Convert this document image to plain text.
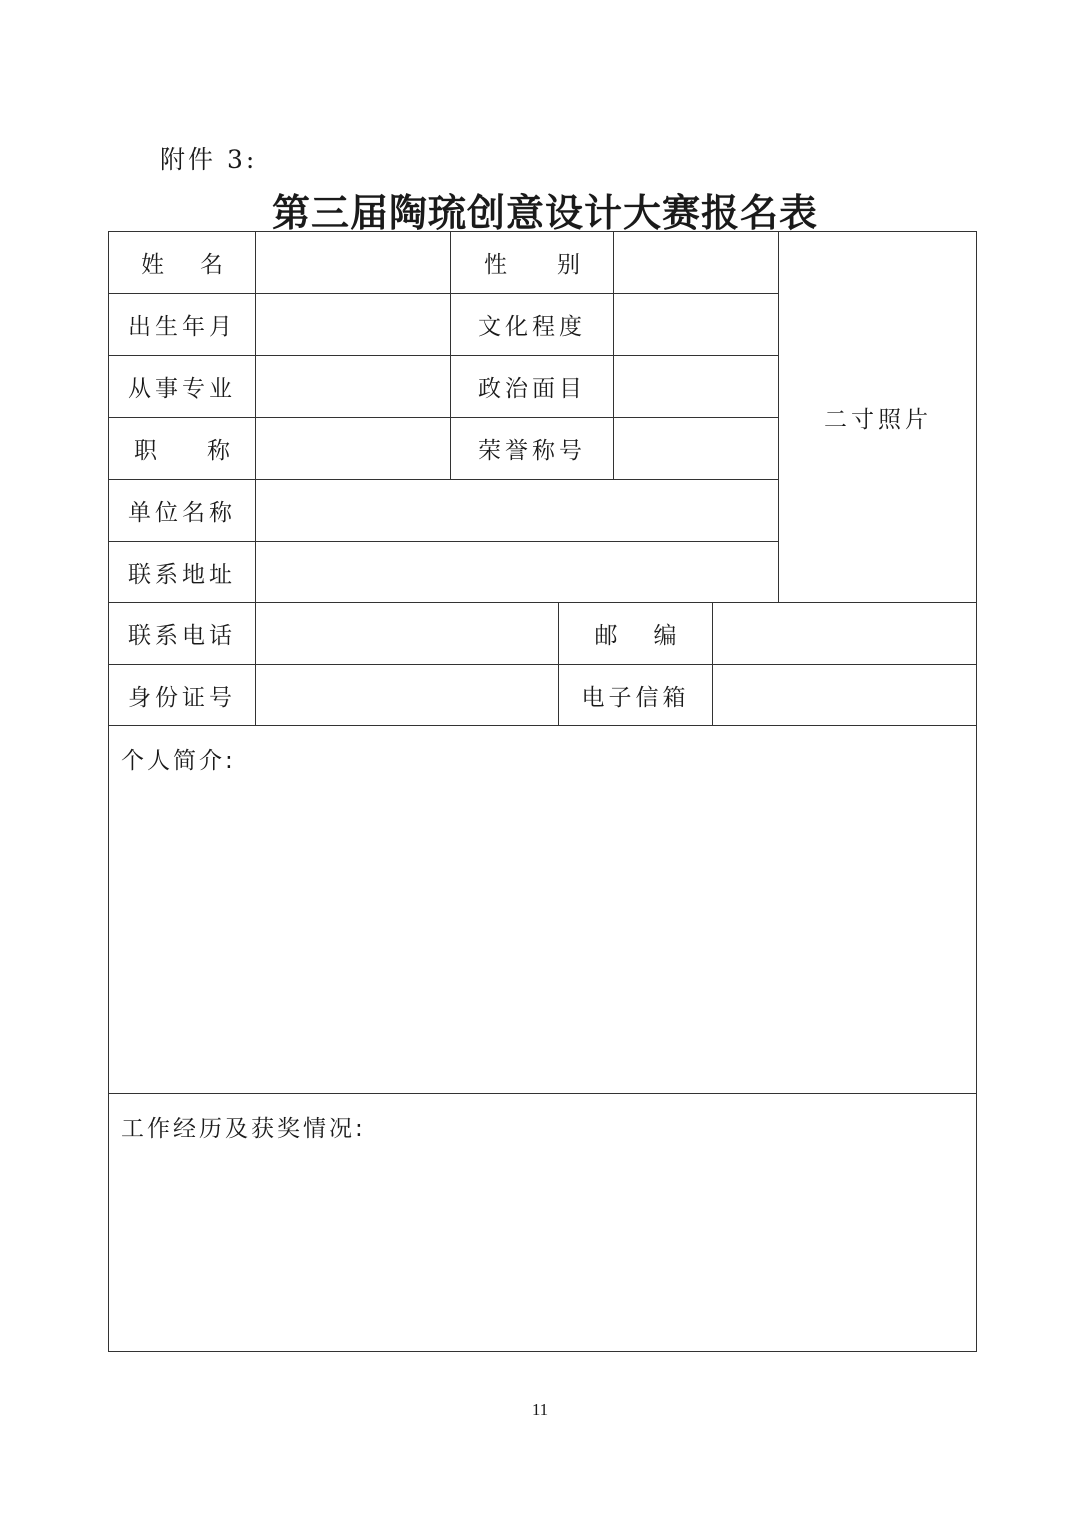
附件 3:
第三届陶琉创意设计大赛报名表
姓 名	性 别
二寸照片
出生年月	文化程度
从事专业	政治面目
职 称	荣誉称号
单位名称
联系地址
联系电话	邮 编
身份证号	电子信箱
个人简介:
工作经历及获奖情况:
11
